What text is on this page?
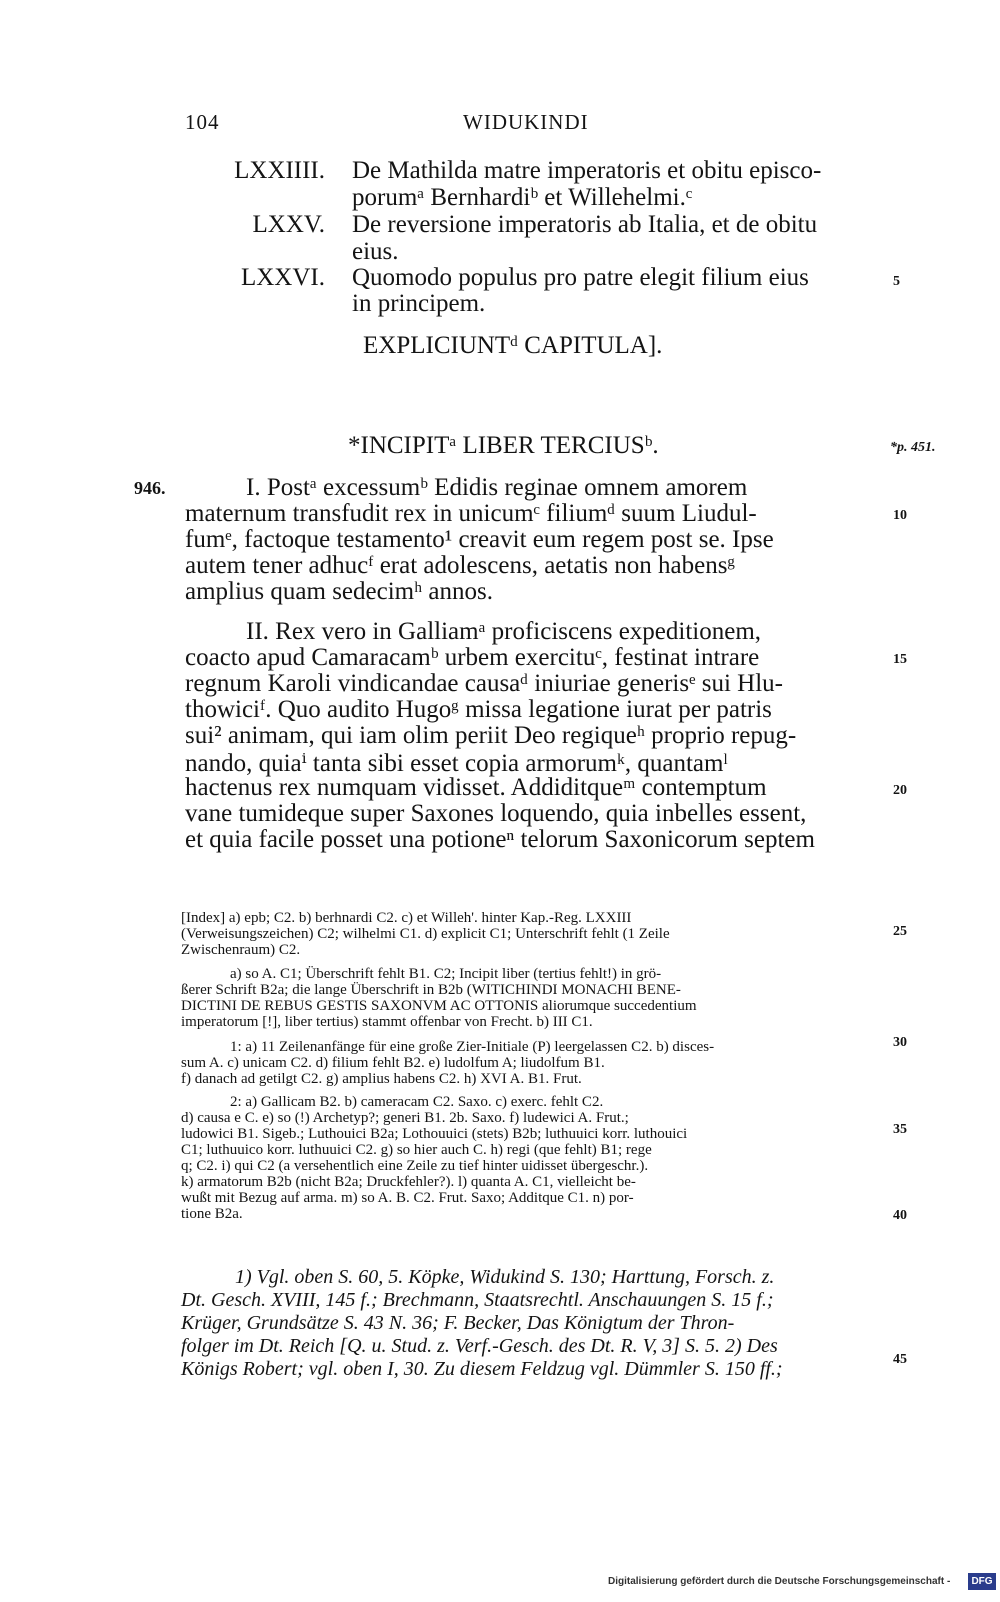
104	WIDUKINDI
LXXIIII. De Mathilda matre imperatoris et obitu episco-
porumᵃ Bernhardiᵇ et Willehelmi.ᶜ
LXXV. De reversione imperatoris ab Italia, et de obitu
eius.
LXXVI. Quomodo populus pro patre elegit filium eius
in principem.
EXPLICIUNTᵈ CAPITULA].
*INCIPITᵃ LIBER TERCIUSᵇ.	*p. 451.
946.	I. Postᵃ excessumᵇ Edidis reginae omnem amorem
maternum transfudit rex in unicumᶜ filiumᵈ suum Liudul-
fumᵉ, factoque testamento¹ creavit eum regem post se. Ipse
autem tener adhucᶠ erat adolescens, aetatis non habensᵍ
amplius quam sedecimʰ annos.
II. Rex vero in Galliamᵃ proficiscens expeditionem,
coacto apud Camaracamᵇ urbem exercituᶜ, festinat intrare
regnum Karoli vindicandae causaᵈ iniuriae generisᵉ sui Hlu-
thowiciᶠ. Quo audito Hugoᵍ missa legatione iurat per patris
sui² animam, qui iam olim periit Deo regiqueʰ proprio repug-
nando, quiaⁱ tanta sibi esset copia armorumᵏ, quantamˡ
hactenus rex numquam vidisset. Addiditqueᵐ contemptum
vane tumideque super Saxones loquendo, quia inbelles essent,
et quia facile posset una potioneⁿ telorum Saxonicorum septem
5
10
15
20
25
30
35
40
45
[Index] a) epb; C2. b) berhnardi C2. c) et Willeh'. hinter Kap.-Reg. LXXIII
(Verweisungszeichen) C2; wilhelmi C1. d) explicit C1; Unterschrift fehlt (1 Zeile
Zwischenraum) C2.
a) so A. C1; Überschrift fehlt B1. C2; Incipit liber (tertius fehlt!) in grö-
ßerer Schrift B2a; die lange Überschrift in B2b (WITICHINDI MONACHI BENE-
DICTINI DE REBUS GESTIS SAXONVM AC OTTONIS aliorumque succedentium
imperatorum [!], liber tertius) stammt offenbar von Frecht. b) III C1.
1: a) 11 Zeilenanfänge für eine große Zier-Initiale (P) leergelassen C2. b) disces-
sum A. c) unicam C2. d) filium fehlt B2. e) ludolfum A; liudolfum B1.
f) danach ad getilgt C2. g) amplius habens C2. h) XVI A. B1. Frut.
2: a) Gallicam B2. b) cameracam C2. Saxo. c) exerc. fehlt C2.
d) causa e C. e) so (!) Archetyp?; generi B1. 2b. Saxo. f) ludewici A. Frut.;
ludowici B1. Sigeb.; Luthouici B2a; Lothouuici (stets) B2b; luthuuici korr. luthouici
C1; luthuuico korr. luthuuici C2. g) so hier auch C. h) regi (que fehlt) B1; rege
q; C2. i) qui C2 (a versehentlich eine Zeile zu tief hinter uidisset übergeschr.).
k) armatorum B2b (nicht B2a; Druckfehler?). l) quanta A. C1, vielleicht be-
wußt mit Bezug auf arma. m) so A. B. C2. Frut. Saxo; Additque C1. n) por-
tione B2a.
1) Vgl. oben S. 60, 5. Köpke, Widukind S. 130; Harttung, Forsch. z.
Dt. Gesch. XVIII, 145 f.; Brechmann, Staatsrechtl. Anschauungen S. 15 f.;
Krüger, Grundsätze S. 43 N. 36; F. Becker, Das Königtum der Thron-
folger im Dt. Reich [Q. u. Stud. z. Verf.-Gesch. des Dt. R. V, 3] S. 5. 2) Des
Königs Robert; vgl. oben I, 30. Zu diesem Feldzug vgl. Dümmler S. 150 ff.;
Digitalisierung gefördert durch die Deutsche Forschungsgemeinschaft -	DFG
